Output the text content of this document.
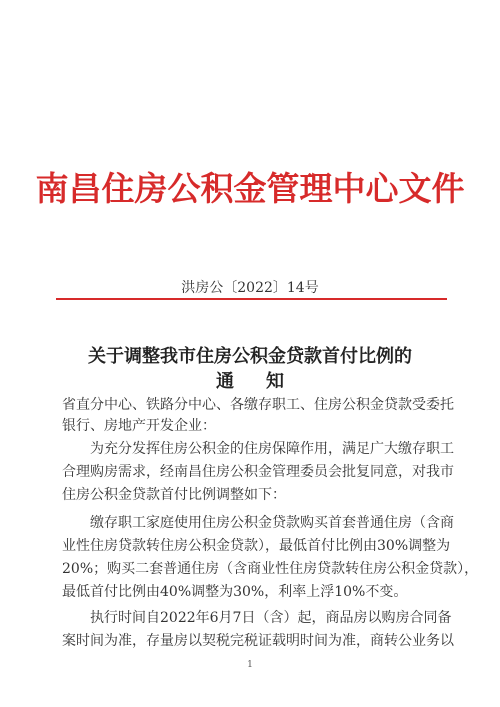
南昌住房公积金管理中心文件
洪房公〔2022〕14号
关于调整我市住房公积金贷款首付比例的
通知
省直分中心、铁路分中心、各缴存职工、住房公积金贷款受委托
银行、房地产开发企业：
为充分发挥住房公积金的住房保障作用，满足广大缴存职工
合理购房需求，经南昌住房公积金管理委员会批复同意，对我市
住房公积金贷款首付比例调整如下：
缴存职工家庭使用住房公积金贷款购买首套普通住房（含商
业性住房贷款转住房公积金贷款），最低首付比例由30%调整为
20%；购买二套普通住房（含商业性住房贷款转住房公积金贷款），
最低首付比例由40%调整为30%，利率上浮10%不变。
执行时间自2022年6月7日（含）起，商品房以购房合同备
案时间为准，存量房以契税完税证载明时间为准，商转公业务以
1
